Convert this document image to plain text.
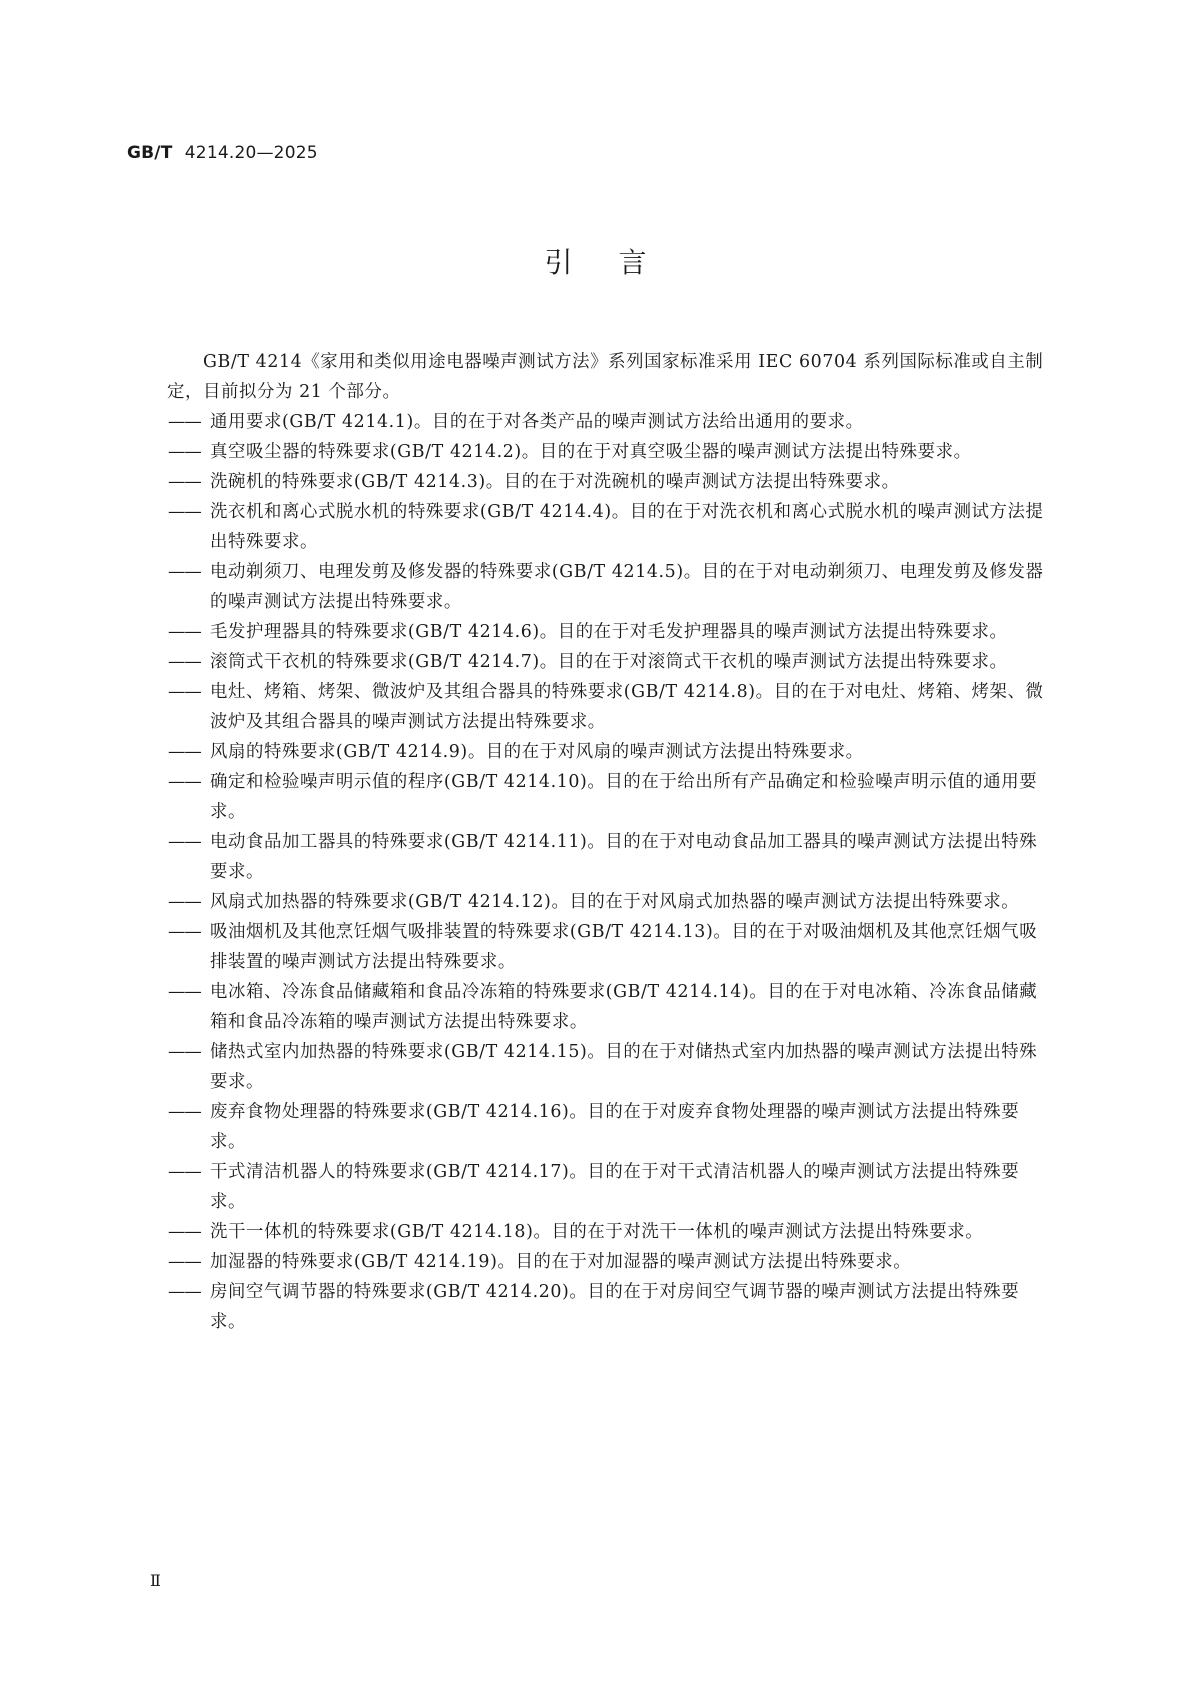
GB/T 4214.20—2025
引言

GB/T 4214《家用和类似用途电器噪声测试方法》系列国家标准采用 IEC 60704 系列国际标准或自主制定，目前拟分为 21 个部分。

—— 通用要求(GB/T 4214.1)。目的在于对各类产品的噪声测试方法给出通用的要求。
—— 真空吸尘器的特殊要求(GB/T 4214.2)。目的在于对真空吸尘器的噪声测试方法提出特殊要求。
—— 洗碗机的特殊要求(GB/T 4214.3)。目的在于对洗碗机的噪声测试方法提出特殊要求。
—— 洗衣机和离心式脱水机的特殊要求(GB/T 4214.4)。目的在于对洗衣机和离心式脱水机的噪声测试方法提出特殊要求。
—— 电动剃须刀、电理发剪及修发器的特殊要求(GB/T 4214.5)。目的在于对电动剃须刀、电理发剪及修发器的噪声测试方法提出特殊要求。
—— 毛发护理器具的特殊要求(GB/T 4214.6)。目的在于对毛发护理器具的噪声测试方法提出特殊要求。
—— 滚筒式干衣机的特殊要求(GB/T 4214.7)。目的在于对滚筒式干衣机的噪声测试方法提出特殊要求。
—— 电灶、烤箱、烤架、微波炉及其组合器具的特殊要求(GB/T 4214.8)。目的在于对电灶、烤箱、烤架、微波炉及其组合器具的噪声测试方法提出特殊要求。
—— 风扇的特殊要求(GB/T 4214.9)。目的在于对风扇的噪声测试方法提出特殊要求。
—— 确定和检验噪声明示值的程序(GB/T 4214.10)。目的在于给出所有产品确定和检验噪声明示值的通用要求。
—— 电动食品加工器具的特殊要求(GB/T 4214.11)。目的在于对电动食品加工器具的噪声测试方法提出特殊要求。
—— 风扇式加热器的特殊要求(GB/T 4214.12)。目的在于对风扇式加热器的噪声测试方法提出特殊要求。
—— 吸油烟机及其他烹饪烟气吸排装置的特殊要求(GB/T 4214.13)。目的在于对吸油烟机及其他烹饪烟气吸排装置的噪声测试方法提出特殊要求。
—— 电冰箱、冷冻食品储藏箱和食品冷冻箱的特殊要求(GB/T 4214.14)。目的在于对电冰箱、冷冻食品储藏箱和食品冷冻箱的噪声测试方法提出特殊要求。
—— 储热式室内加热器的特殊要求(GB/T 4214.15)。目的在于对储热式室内加热器的噪声测试方法提出特殊要求。
—— 废弃食物处理器的特殊要求(GB/T 4214.16)。目的在于对废弃食物处理器的噪声测试方法提出特殊要求。
—— 干式清洁机器人的特殊要求(GB/T 4214.17)。目的在于对干式清洁机器人的噪声测试方法提出特殊要求。
—— 洗干一体机的特殊要求(GB/T 4214.18)。目的在于对洗干一体机的噪声测试方法提出特殊要求。
—— 加湿器的特殊要求(GB/T 4214.19)。目的在于对加湿器的噪声测试方法提出特殊要求。
—— 房间空气调节器的特殊要求(GB/T 4214.20)。目的在于对房间空气调节器的噪声测试方法提出特殊要求。
Ⅱ
